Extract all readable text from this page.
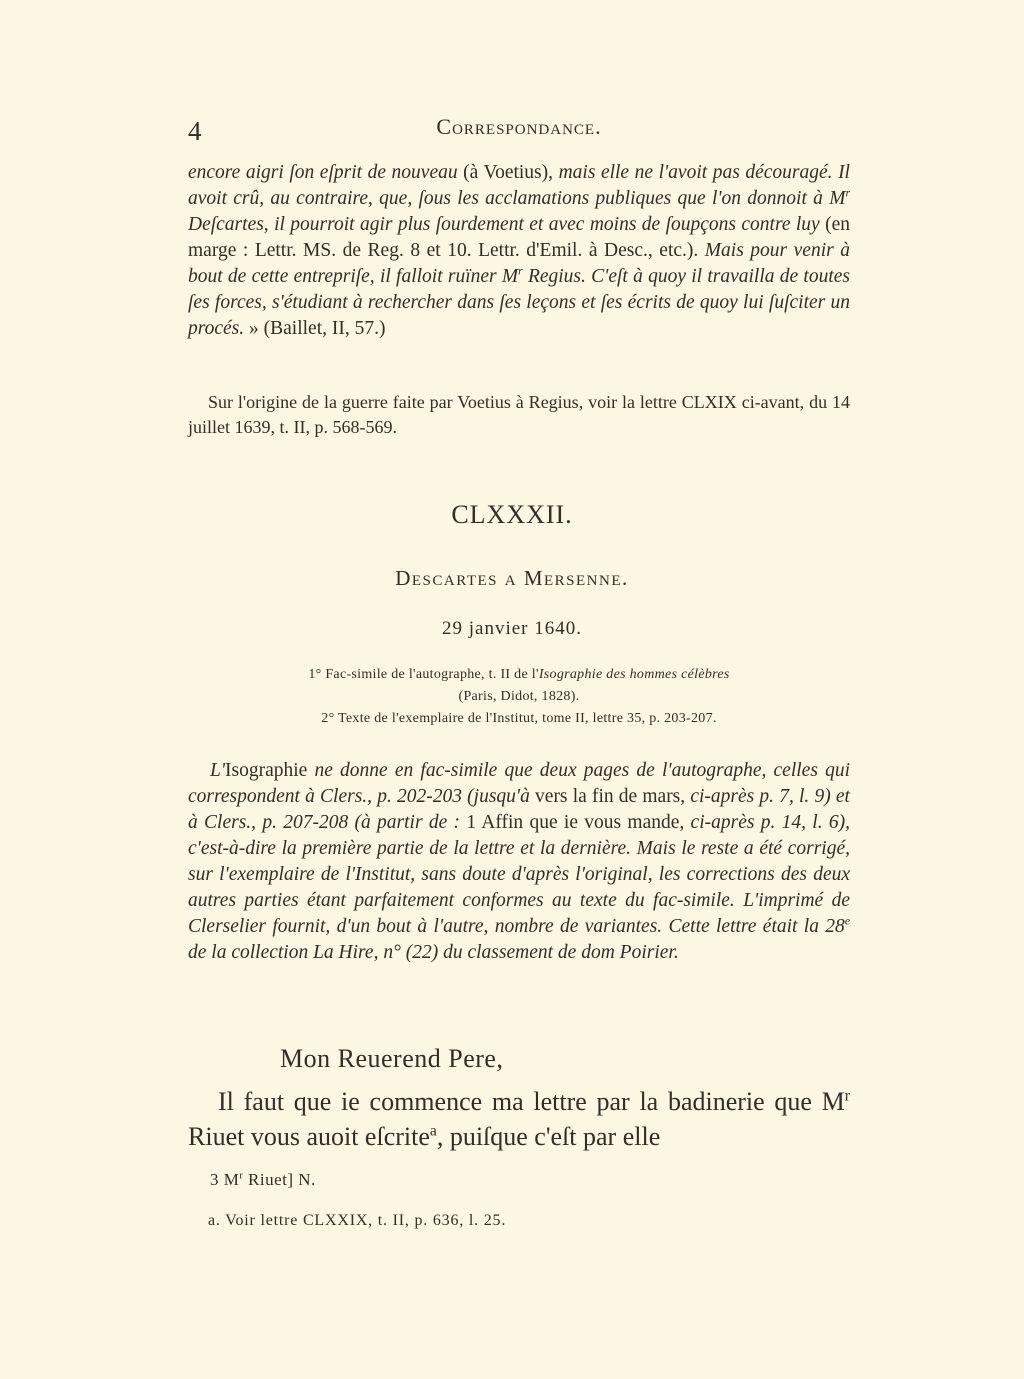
4	Correspondance.

encore aigri ſon eſprit de nouveau (à Voetius), mais elle ne l'avoit pas découragé. Il avoit crû, au contraire, que, ſous les acclamations publiques que l'on donnoit à $M^r$ Deſcartes, il pourroit agir plus ſourdement et avec moins de ſoupçons contre luy (en marge : Lettr. MS. de Reg. 8 et 10. Lettr. d'Emil. à Desc., etc.). Mais pour venir à bout de cette entrepriſe, il falloit ruïner $M^r$ Regius. C'eſt à quoy il travailla de toutes ſes forces, s'étudiant à rechercher dans ſes leçons et ſes écrits de quoy lui ſuſciter un procés. » (Baillet, II, 57.)

Sur l'origine de la guerre faite par Voetius à Regius, voir la lettre CLXIX ci-avant, du 14 juillet 1639, t. II, p. 568-569.

CLXXXII.
Descartes a Mersenne.
29 janvier 1640.
1° Fac-simile de l'autographe, t. II de l'Isographie des hommes célèbres
(Paris, Didot, 1828).
2° Texte de l'exemplaire de l'Institut, tome II, lettre 35, p. 203-207.

L'Isographie ne donne en fac-simile que deux pages de l'autographe, celles qui correspondent à Clers., p. 202-203 (jusqu'à vers la fin de mars, ci-après p. 7, l. 9) et à Clers., p. 207-208 (à partir de : 1 Affin que ie vous mande, ci-après p. 14, l. 6), c'est-à-dire la première partie de la lettre et la dernière. Mais le reste a été corrigé, sur l'exemplaire de l'Institut, sans doute d'après l'original, les corrections des deux autres parties étant parfaitement conformes au texte du fac-simile. L'imprimé de Clerselier fournit, d'un bout à l'autre, nombre de variantes. Cette lettre était la 28e de la collection La Hire, n° (22) du classement de dom Poirier.

Mon Reuerend Pere,

Il faut que ie commence ma lettre par la badinerie que $M^r$ Riuet vous auoit eſcrite$^a$, puiſque c'eſt par elle

3 $M^r$ Riuet] N.
a. Voir lettre CLXXIX, t. II, p. 636, l. 25.
